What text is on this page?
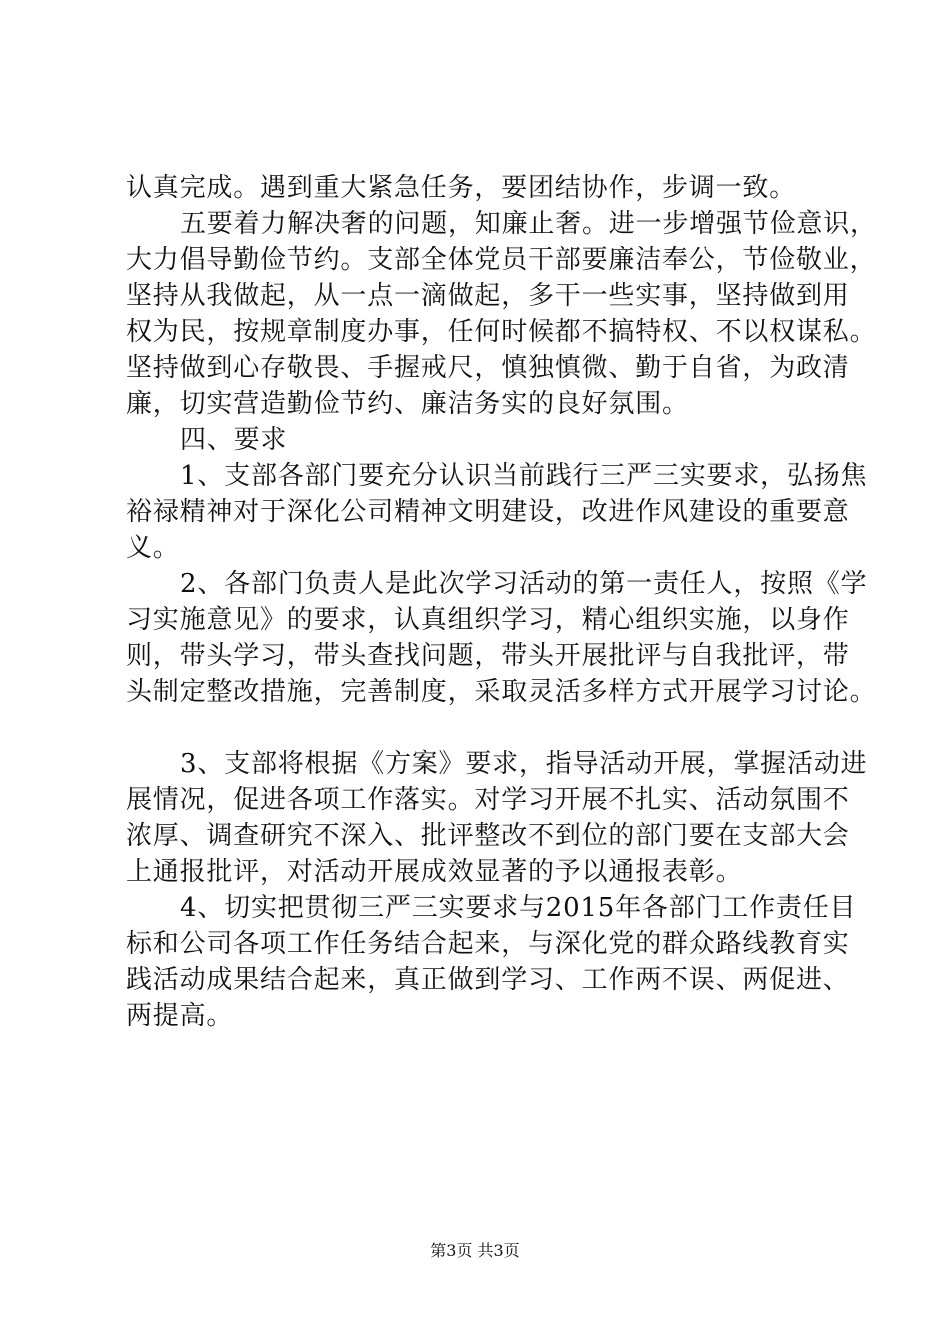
认真完成。遇到重大紧急任务，要团结协作，步调一致。
五要着力解决奢的问题，知廉止奢。进一步增强节俭意识，
大力倡导勤俭节约。支部全体党员干部要廉洁奉公，节俭敬业，
坚持从我做起，从一点一滴做起，多干一些实事，坚持做到用
权为民，按规章制度办事，任何时候都不搞特权、不以权谋私。
坚持做到心存敬畏、手握戒尺，慎独慎微、勤于自省，为政清
廉，切实营造勤俭节约、廉洁务实的良好氛围。
四、要求
1、支部各部门要充分认识当前践行三严三实要求，弘扬焦
裕禄精神对于深化公司精神文明建设，改进作风建设的重要意
义。
2、各部门负责人是此次学习活动的第一责任人，按照《学
习实施意见》的要求，认真组织学习，精心组织实施，以身作
则，带头学习，带头查找问题，带头开展批评与自我批评，带
头制定整改措施，完善制度，采取灵活多样方式开展学习讨论。
3、支部将根据《方案》要求，指导活动开展，掌握活动进
展情况，促进各项工作落实。对学习开展不扎实、活动氛围不
浓厚、调查研究不深入、批评整改不到位的部门要在支部大会
上通报批评，对活动开展成效显著的予以通报表彰。
4、切实把贯彻三严三实要求与2015年各部门工作责任目
标和公司各项工作任务结合起来，与深化党的群众路线教育实
践活动成果结合起来，真正做到学习、工作两不误、两促进、
两提高。
第3页 共3页
